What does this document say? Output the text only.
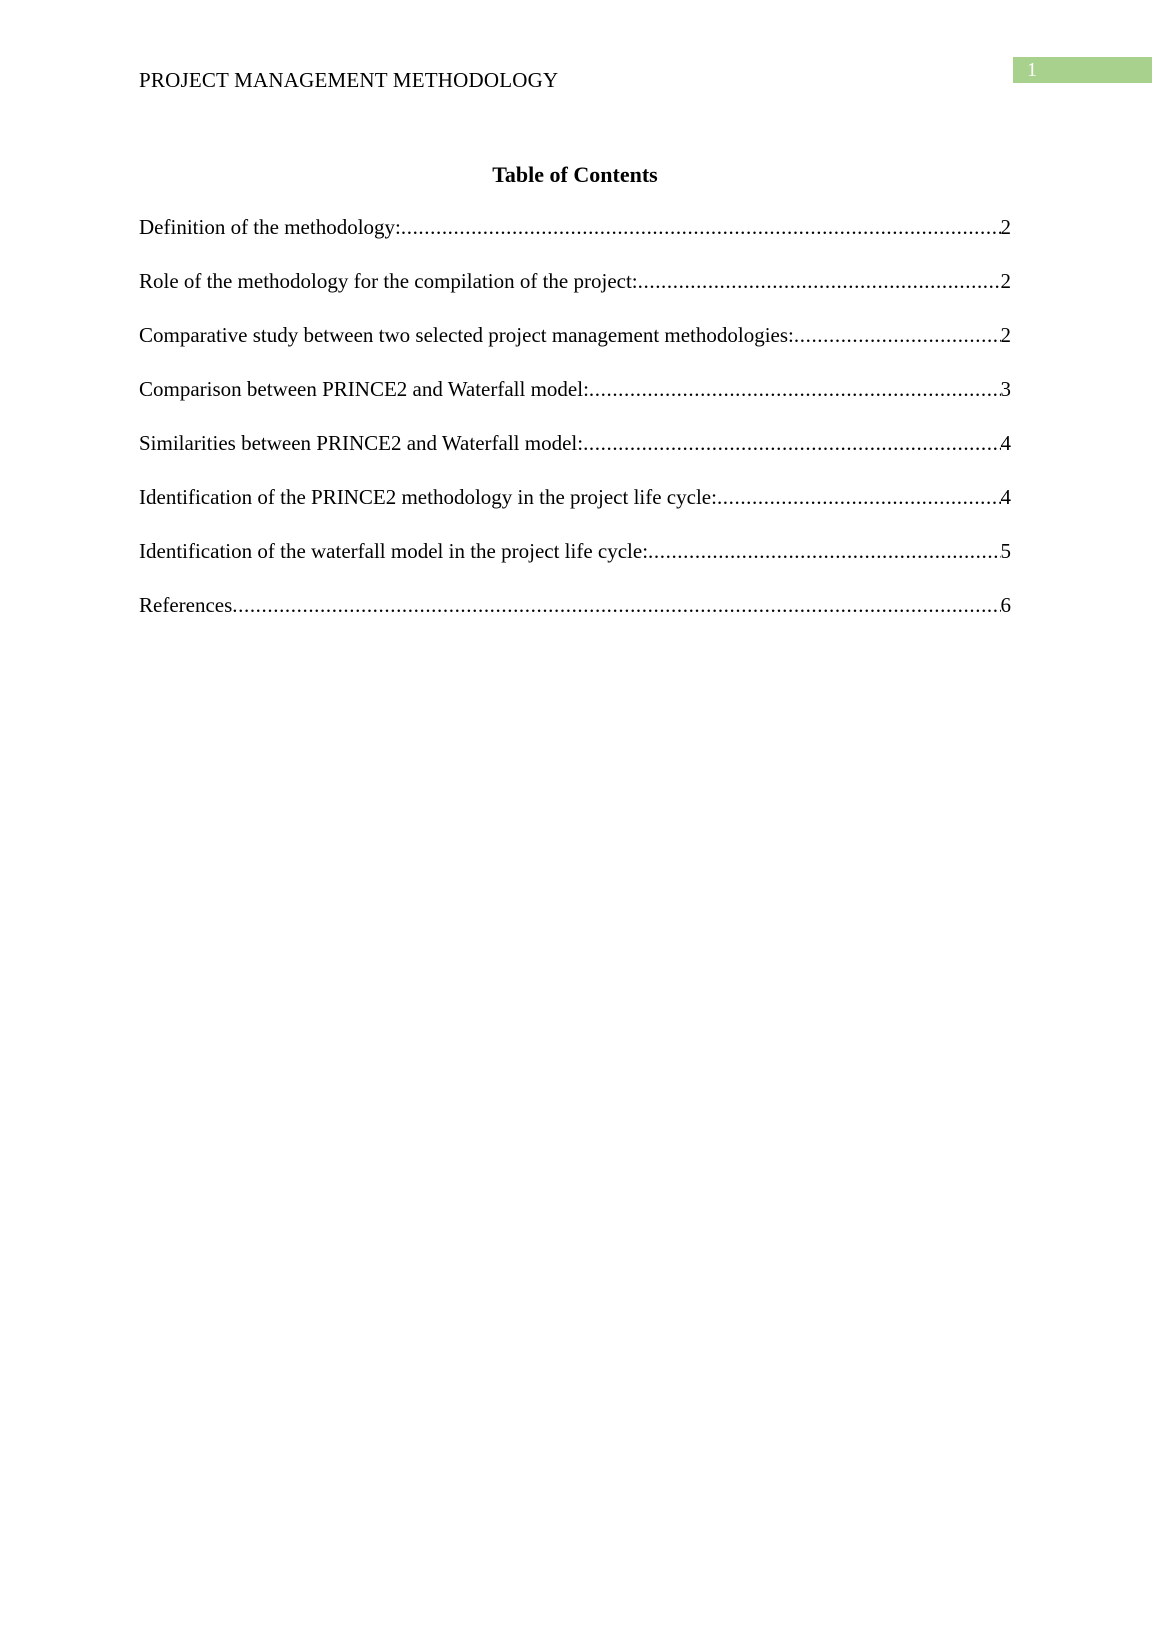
PROJECT MANAGEMENT METHODOLOGY	1
Table of Contents
Definition of the methodology: .....	2
Role of the methodology for the compilation of the project: .....	2
Comparative study between two selected project management methodologies: .....	2
Comparison between PRINCE2 and Waterfall model: .....	3
Similarities between PRINCE2 and Waterfall model: .....	4
Identification of the PRINCE2 methodology in the project life cycle: .....	4
Identification of the waterfall model in the project life cycle: .....	5
References .....	6
